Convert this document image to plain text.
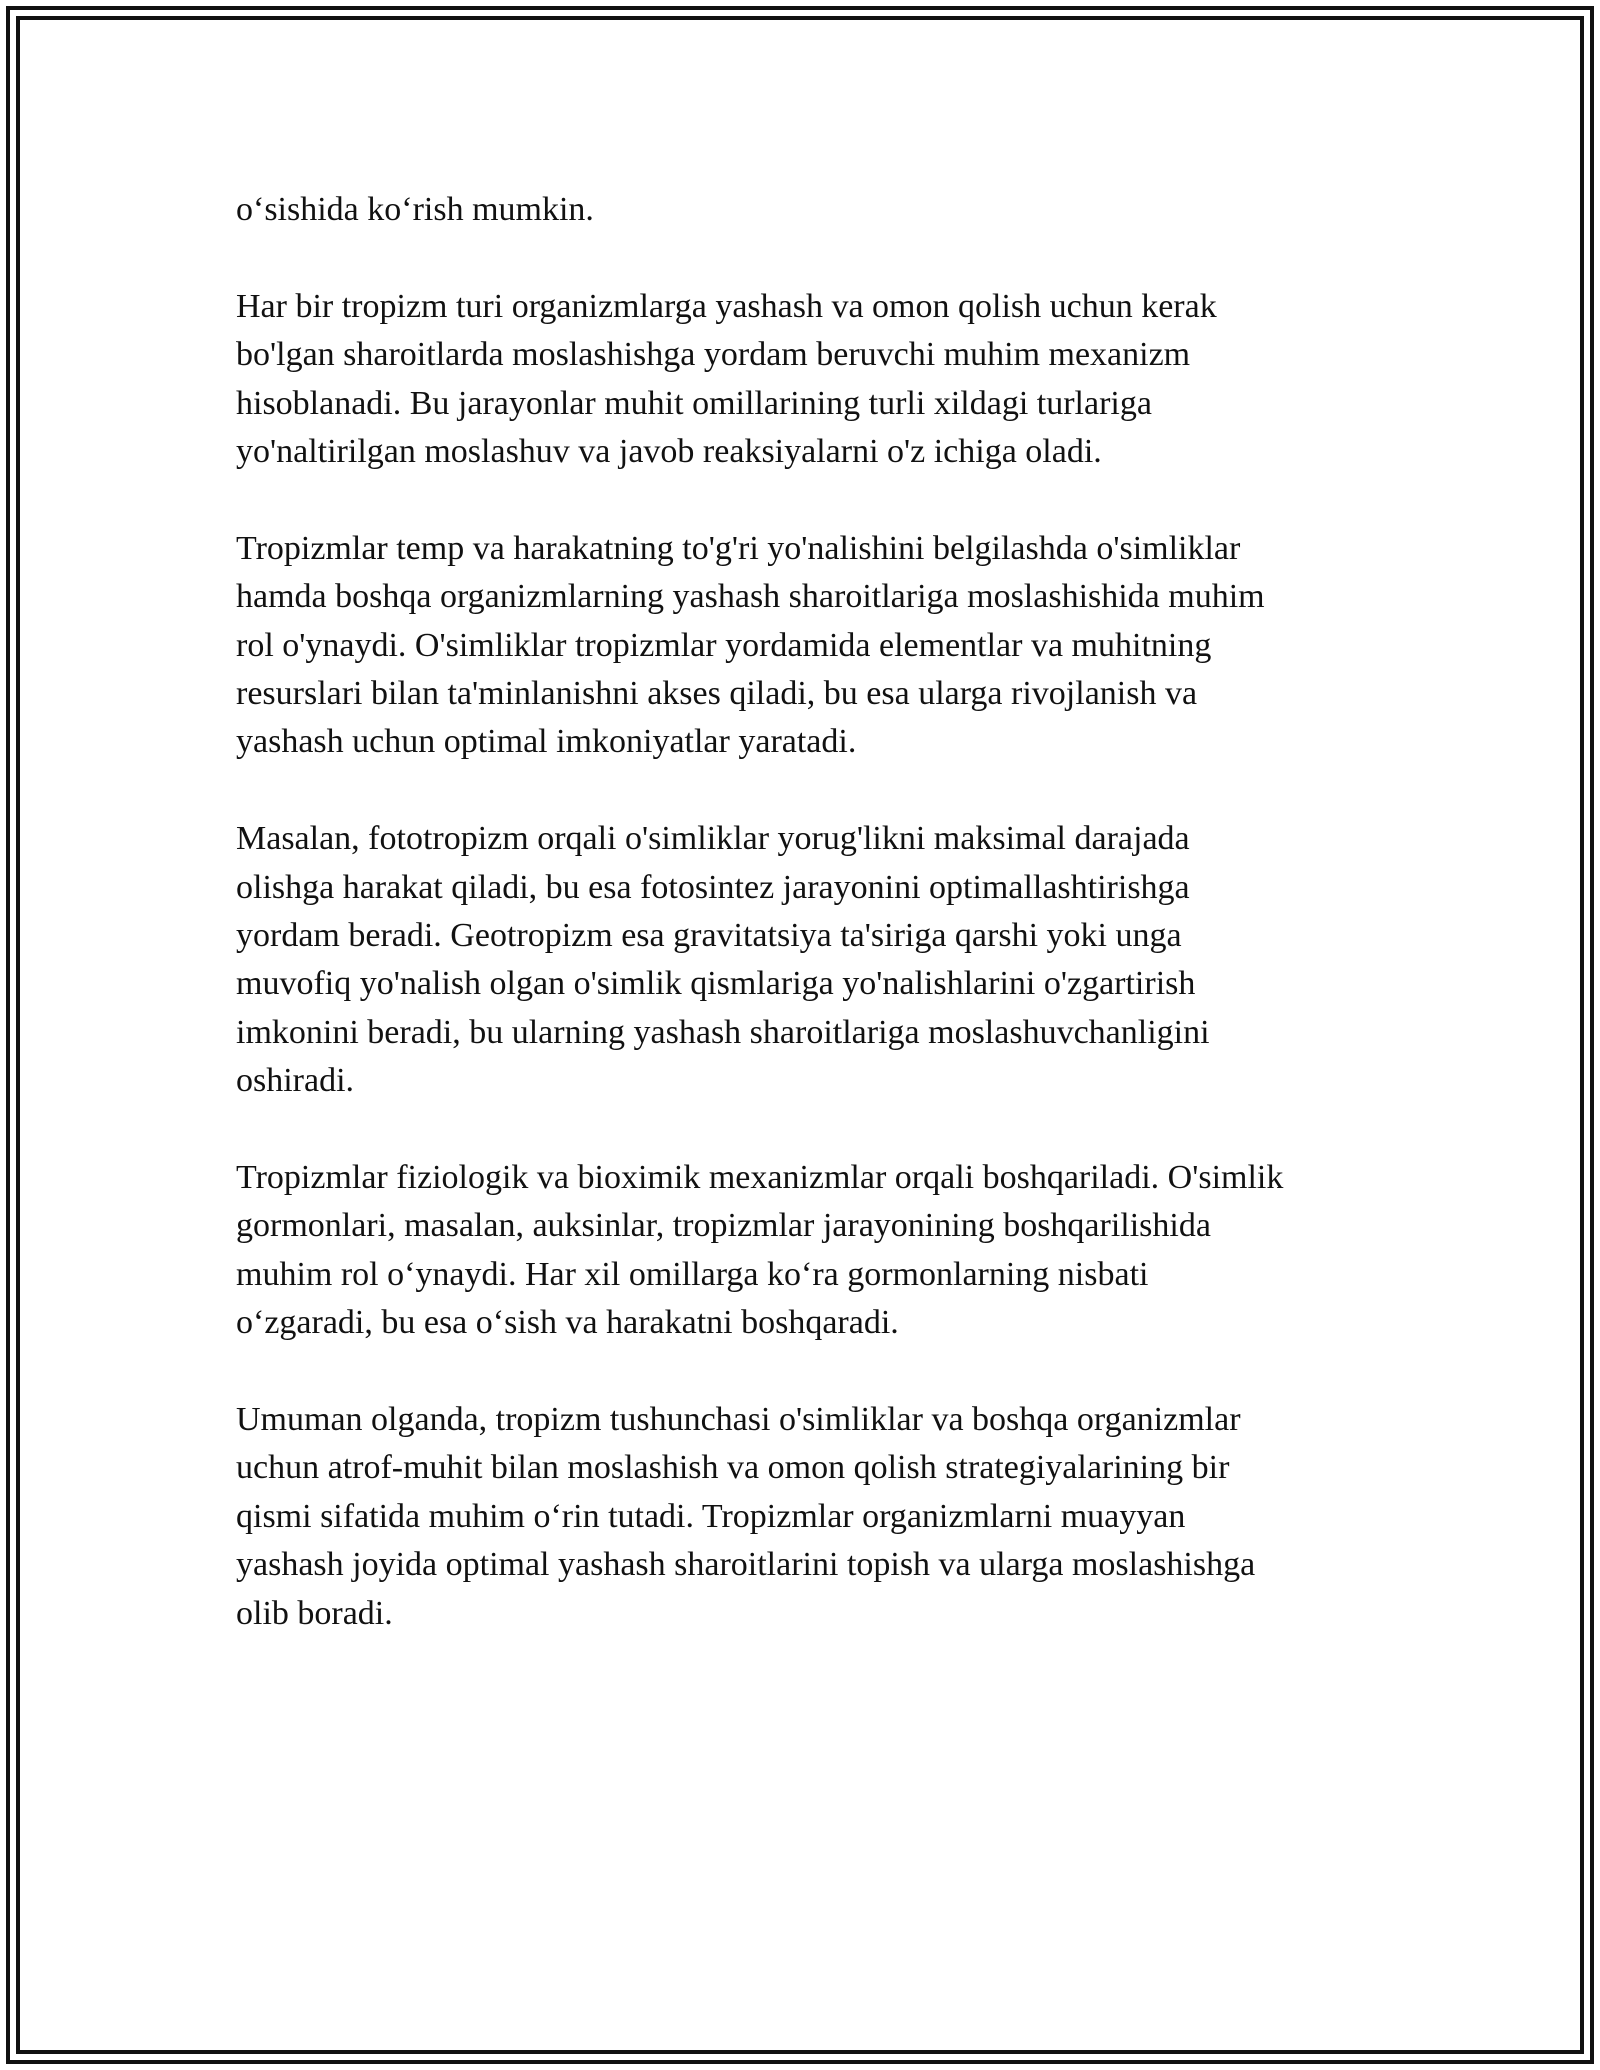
o‘sishida ko‘rish mumkin.

Har bir tropizm turi organizmlarga yashash va omon qolish uchun kerak
bo'lgan sharoitlarda moslashishga yordam beruvchi muhim mexanizm
hisoblanadi. Bu jarayonlar muhit omillarining turli xildagi turlariga
yo'naltirilgan moslashuv va javob reaksiyalarni o'z ichiga oladi.

Tropizmlar temp va harakatning to'g'ri yo'nalishini belgilashda o'simliklar
hamda boshqa organizmlarning yashash sharoitlariga moslashishida muhim
rol o'ynaydi. O'simliklar tropizmlar yordamida elementlar va muhitning
resurslari bilan ta'minlanishni akses qiladi, bu esa ularga rivojlanish va
yashash uchun optimal imkoniyatlar yaratadi.

Masalan, fototropizm orqali o'simliklar yorug'likni maksimal darajada
olishga harakat qiladi, bu esa fotosintez jarayonini optimallashtirishga
yordam beradi. Geotropizm esa gravitatsiya ta'siriga qarshi yoki unga
muvofiq yo'nalish olgan o'simlik qismlariga yo'nalishlarini o'zgartirish
imkonini beradi, bu ularning yashash sharoitlariga moslashuvchanligini
oshiradi.

Tropizmlar fiziologik va bioximik mexanizmlar orqali boshqariladi. O'simlik
gormonlari, masalan, auksinlar, tropizmlar jarayonining boshqarilishida
muhim rol o‘ynaydi. Har xil omillarga ko‘ra gormonlarning nisbati
o‘zgaradi, bu esa o‘sish va harakatni boshqaradi.

Umuman olganda, tropizm tushunchasi o'simliklar va boshqa organizmlar
uchun atrof-muhit bilan moslashish va omon qolish strategiyalarining bir
qismi sifatida muhim o‘rin tutadi. Tropizmlar organizmlarni muayyan
yashash joyida optimal yashash sharoitlarini topish va ularga moslashishga
olib boradi.
